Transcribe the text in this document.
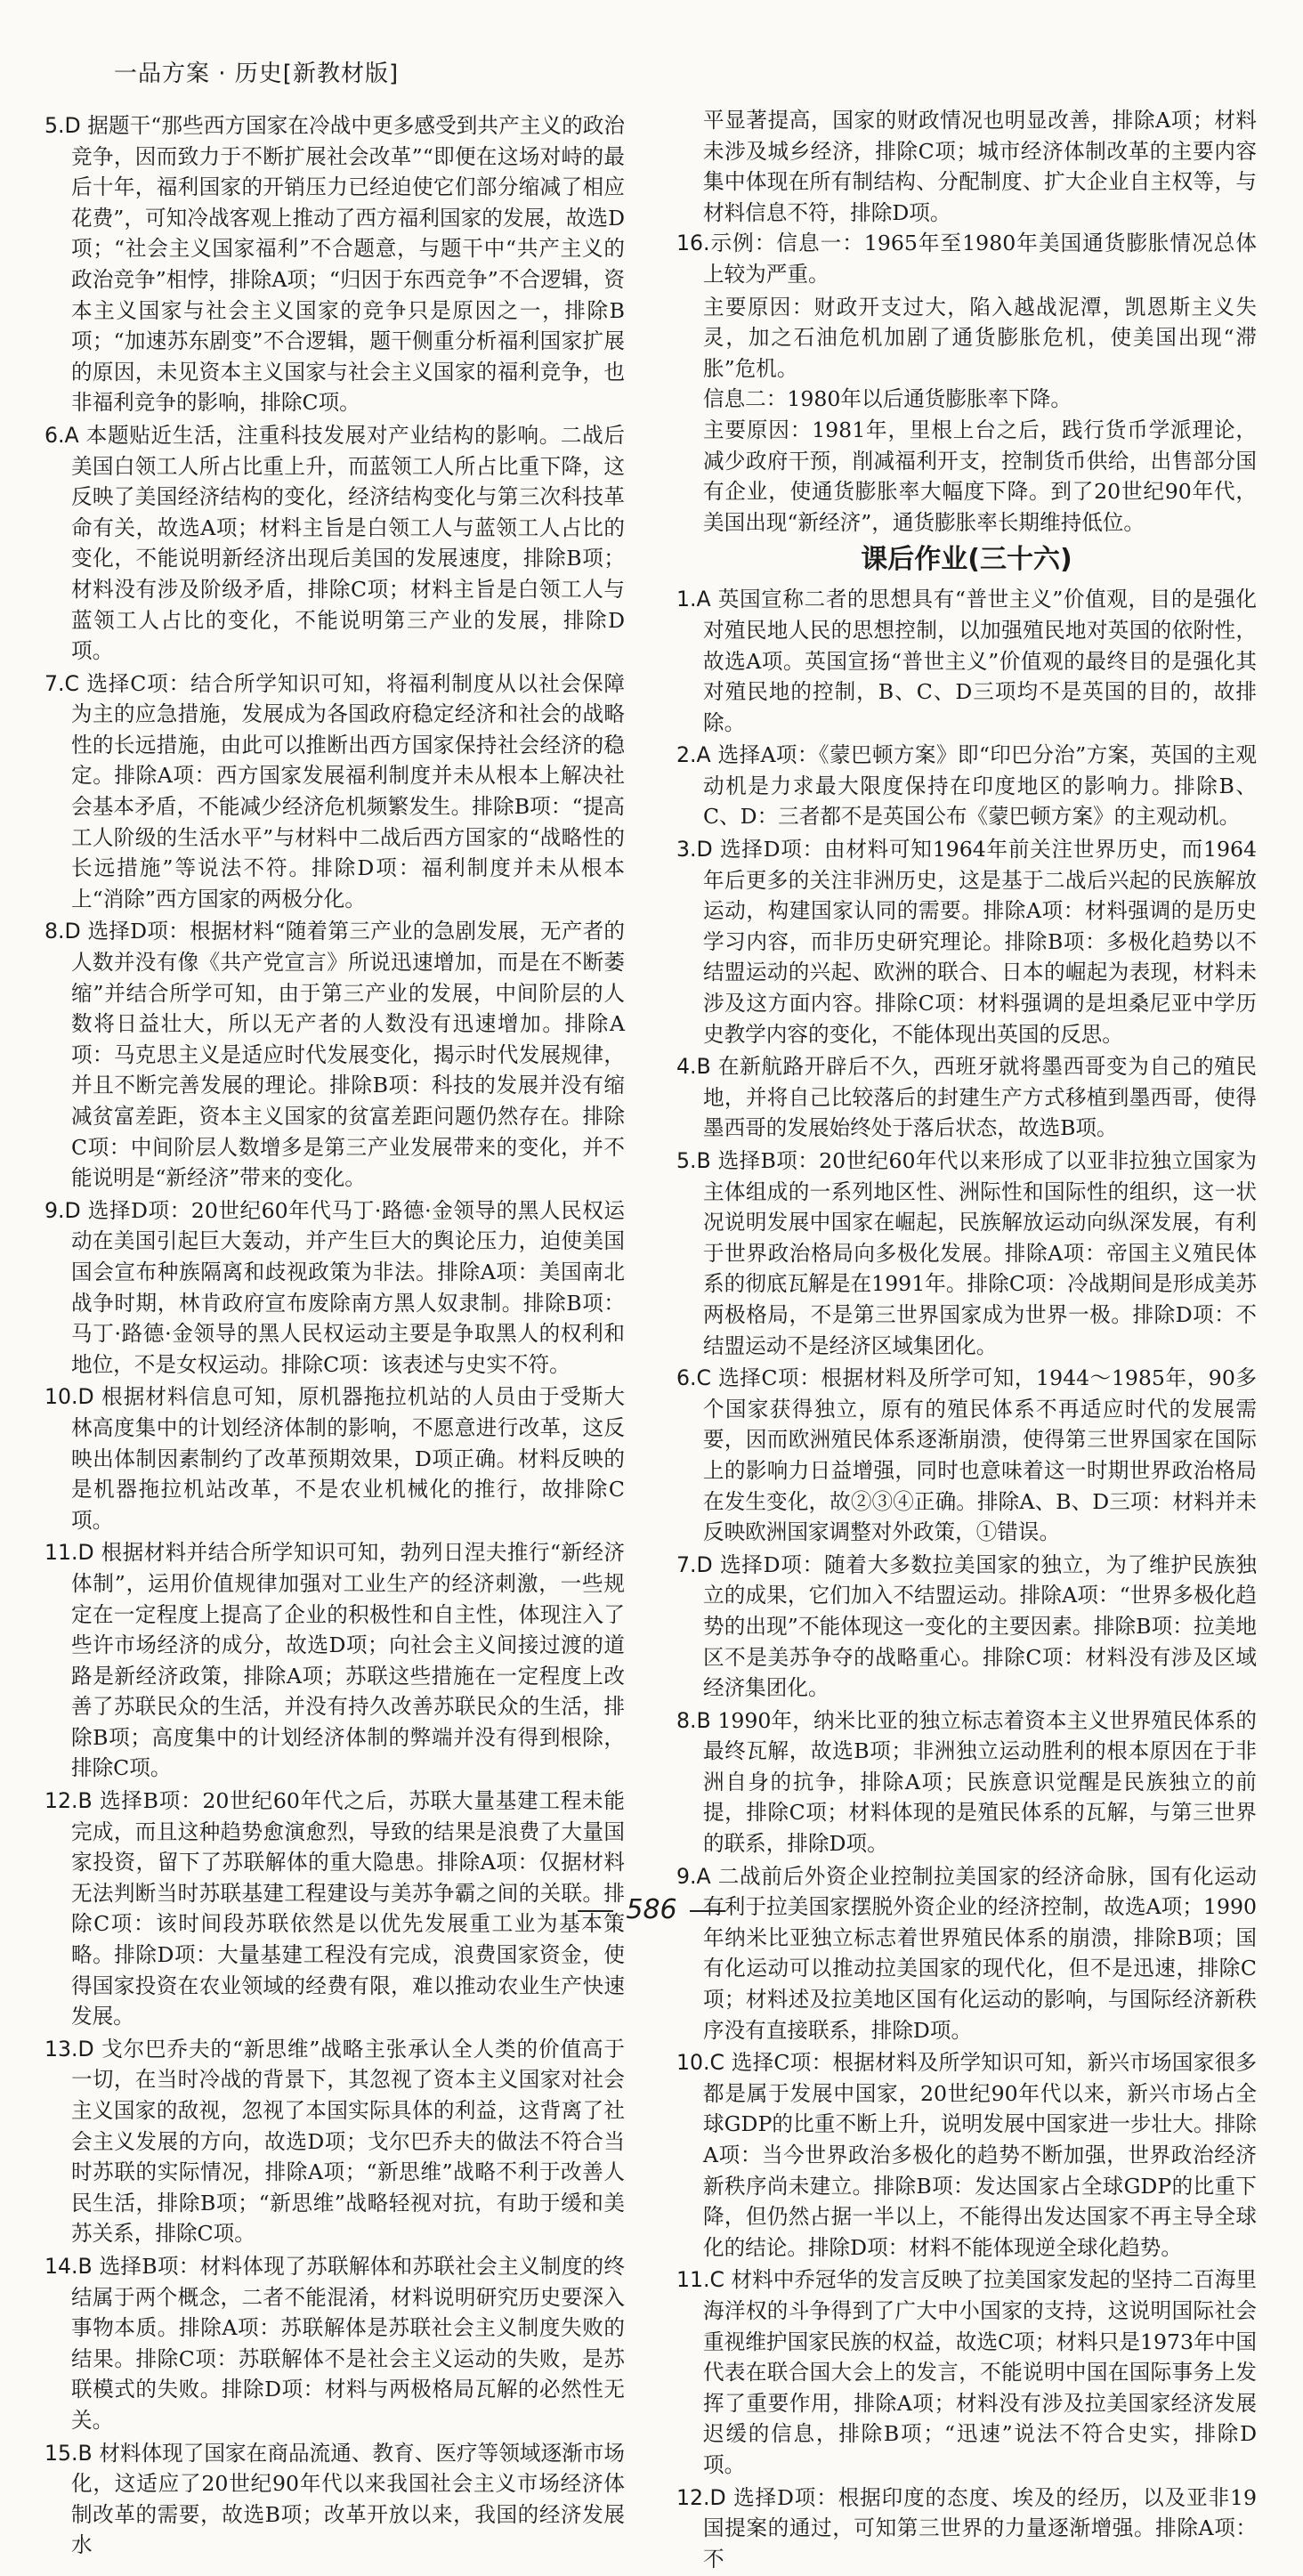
一品方案 · 历史[新教材版]

5.D 据题干“那些西方国家在冷战中更多感受到共产主义的政治竞争，因而致力于不断扩展社会改革”“即便在这场对峙的最后十年，福利国家的开销压力已经迫使它们部分缩减了相应花费”，可知冷战客观上推动了西方福利国家的发展，故选D项；“社会主义国家福利”不合题意，与题干中“共产主义的政治竞争”相悖，排除A项；“归因于东西竞争”不合逻辑，资本主义国家与社会主义国家的竞争只是原因之一，排除B项；“加速苏东剧变”不合逻辑，题干侧重分析福利国家扩展的原因，未见资本主义国家与社会主义国家的福利竞争，也非福利竞争的影响，排除C项。

6.A 本题贴近生活，注重科技发展对产业结构的影响。二战后美国白领工人所占比重上升，而蓝领工人所占比重下降，这反映了美国经济结构的变化，经济结构变化与第三次科技革命有关，故选A项；材料主旨是白领工人与蓝领工人占比的变化，不能说明新经济出现后美国的发展速度，排除B项；材料没有涉及阶级矛盾，排除C项；材料主旨是白领工人与蓝领工人占比的变化，不能说明第三产业的发展，排除D项。

7.C 选择C项：结合所学知识可知，将福利制度从以社会保障为主的应急措施，发展成为各国政府稳定经济和社会的战略性的长远措施，由此可以推断出西方国家保持社会经济的稳定。排除A项：西方国家发展福利制度并未从根本上解决社会基本矛盾，不能减少经济危机频繁发生。排除B项：“提高工人阶级的生活水平”与材料中二战后西方国家的“战略性的长远措施”等说法不符。排除D项：福利制度并未从根本上“消除”西方国家的两极分化。

8.D 选择D项：根据材料“随着第三产业的急剧发展，无产者的人数并没有像《共产党宣言》所说迅速增加，而是在不断萎缩”并结合所学可知，由于第三产业的发展，中间阶层的人数将日益壮大，所以无产者的人数没有迅速增加。排除A项：马克思主义是适应时代发展变化，揭示时代发展规律，并且不断完善发展的理论。排除B项：科技的发展并没有缩减贫富差距，资本主义国家的贫富差距问题仍然存在。排除C项：中间阶层人数增多是第三产业发展带来的变化，并不能说明是“新经济”带来的变化。

9.D 选择D项：20世纪60年代马丁·路德·金领导的黑人民权运动在美国引起巨大轰动，并产生巨大的舆论压力，迫使美国国会宣布种族隔离和歧视政策为非法。排除A项：美国南北战争时期，林肯政府宣布废除南方黑人奴隶制。排除B项：马丁·路德·金领导的黑人民权运动主要是争取黑人的权利和地位，不是女权运动。排除C项：该表述与史实不符。

10.D 根据材料信息可知，原机器拖拉机站的人员由于受斯大林高度集中的计划经济体制的影响，不愿意进行改革，这反映出体制因素制约了改革预期效果，D项正确。材料反映的是机器拖拉机站改革，不是农业机械化的推行，故排除C项。

11.D 根据材料并结合所学知识可知，勃列日涅夫推行“新经济体制”，运用价值规律加强对工业生产的经济刺激，一些规定在一定程度上提高了企业的积极性和自主性，体现注入了些许市场经济的成分，故选D项；向社会主义间接过渡的道路是新经济政策，排除A项；苏联这些措施在一定程度上改善了苏联民众的生活，并没有持久改善苏联民众的生活，排除B项；高度集中的计划经济体制的弊端并没有得到根除，排除C项。

12.B 选择B项：20世纪60年代之后，苏联大量基建工程未能完成，而且这种趋势愈演愈烈，导致的结果是浪费了大量国家投资，留下了苏联解体的重大隐患。排除A项：仅据材料无法判断当时苏联基建工程建设与美苏争霸之间的关联。排除C项：该时间段苏联依然是以优先发展重工业为基本策略。排除D项：大量基建工程没有完成，浪费国家资金，使得国家投资在农业领域的经费有限，难以推动农业生产快速发展。

13.D 戈尔巴乔夫的“新思维”战略主张承认全人类的价值高于一切，在当时冷战的背景下，其忽视了资本主义国家对社会主义国家的敌视，忽视了本国实际具体的利益，这背离了社会主义发展的方向，故选D项；戈尔巴乔夫的做法不符合当时苏联的实际情况，排除A项；“新思维”战略不利于改善人民生活，排除B项；“新思维”战略轻视对抗，有助于缓和美苏关系，排除C项。

14.B 选择B项：材料体现了苏联解体和苏联社会主义制度的终结属于两个概念，二者不能混淆，材料说明研究历史要深入事物本质。排除A项：苏联解体是苏联社会主义制度失败的结果。排除C项：苏联解体不是社会主义运动的失败，是苏联模式的失败。排除D项：材料与两极格局瓦解的必然性无关。

15.B 材料体现了国家在商品流通、教育、医疗等领域逐渐市场化，这适应了20世纪90年代以来我国社会主义市场经济体制改革的需要，故选B项；改革开放以来，我国的经济发展水

平显著提高，国家的财政情况也明显改善，排除A项；材料未涉及城乡经济，排除C项；城市经济体制改革的主要内容集中体现在所有制结构、分配制度、扩大企业自主权等，与材料信息不符，排除D项。

16.示例：信息一：1965年至1980年美国通货膨胀情况总体上较为严重。

主要原因：财政开支过大，陷入越战泥潭，凯恩斯主义失灵，加之石油危机加剧了通货膨胀危机，使美国出现“滞胀”危机。

信息二：1980年以后通货膨胀率下降。

主要原因：1981年，里根上台之后，践行货币学派理论，减少政府干预，削减福利开支，控制货币供给，出售部分国有企业，使通货膨胀率大幅度下降。到了20世纪90年代，美国出现“新经济”，通货膨胀率长期维持低位。

课后作业(三十六)

1.A 英国宣称二者的思想具有“普世主义”价值观，目的是强化对殖民地人民的思想控制，以加强殖民地对英国的依附性，故选A项。英国宣扬“普世主义”价值观的最终目的是强化其对殖民地的控制，B、C、D三项均不是英国的目的，故排除。

2.A 选择A项：《蒙巴顿方案》即“印巴分治”方案，英国的主观动机是力求最大限度保持在印度地区的影响力。排除B、C、D：三者都不是英国公布《蒙巴顿方案》的主观动机。

3.D 选择D项：由材料可知1964年前关注世界历史，而1964年后更多的关注非洲历史，这是基于二战后兴起的民族解放运动，构建国家认同的需要。排除A项：材料强调的是历史学习内容，而非历史研究理论。排除B项：多极化趋势以不结盟运动的兴起、欧洲的联合、日本的崛起为表现，材料未涉及这方面内容。排除C项：材料强调的是坦桑尼亚中学历史教学内容的变化，不能体现出英国的反思。

4.B 在新航路开辟后不久，西班牙就将墨西哥变为自己的殖民地，并将自己比较落后的封建生产方式移植到墨西哥，使得墨西哥的发展始终处于落后状态，故选B项。

5.B 选择B项：20世纪60年代以来形成了以亚非拉独立国家为主体组成的一系列地区性、洲际性和国际性的组织，这一状况说明发展中国家在崛起，民族解放运动向纵深发展，有利于世界政治格局向多极化发展。排除A项：帝国主义殖民体系的彻底瓦解是在1991年。排除C项：冷战期间是形成美苏两极格局，不是第三世界国家成为世界一极。排除D项：不结盟运动不是经济区域集团化。

6.C 选择C项：根据材料及所学可知，1944～1985年，90多个国家获得独立，原有的殖民体系不再适应时代的发展需要，因而欧洲殖民体系逐渐崩溃，使得第三世界国家在国际上的影响力日益增强，同时也意味着这一时期世界政治格局在发生变化，故②③④正确。排除A、B、D三项：材料并未反映欧洲国家调整对外政策，①错误。

7.D 选择D项：随着大多数拉美国家的独立，为了维护民族独立的成果，它们加入不结盟运动。排除A项：“世界多极化趋势的出现”不能体现这一变化的主要因素。排除B项：拉美地区不是美苏争夺的战略重心。排除C项：材料没有涉及区域经济集团化。

8.B 1990年，纳米比亚的独立标志着资本主义世界殖民体系的最终瓦解，故选B项；非洲独立运动胜利的根本原因在于非洲自身的抗争，排除A项；民族意识觉醒是民族独立的前提，排除C项；材料体现的是殖民体系的瓦解，与第三世界的联系，排除D项。

9.A 二战前后外资企业控制拉美国家的经济命脉，国有化运动有利于拉美国家摆脱外资企业的经济控制，故选A项；1990年纳米比亚独立标志着世界殖民体系的崩溃，排除B项；国有化运动可以推动拉美国家的现代化，但不是迅速，排除C项；材料述及拉美地区国有化运动的影响，与国际经济新秩序没有直接联系，排除D项。

10.C 选择C项：根据材料及所学知识可知，新兴市场国家很多都是属于发展中国家，20世纪90年代以来，新兴市场占全球GDP的比重不断上升，说明发展中国家进一步壮大。排除A项：当今世界政治多极化的趋势不断加强，世界政治经济新秩序尚未建立。排除B项：发达国家占全球GDP的比重下降，但仍然占据一半以上，不能得出发达国家不再主导全球化的结论。排除D项：材料不能体现逆全球化趋势。

11.C 材料中乔冠华的发言反映了拉美国家发起的坚持二百海里海洋权的斗争得到了广大中小国家的支持，这说明国际社会重视维护国家民族的权益，故选C项；材料只是1973年中国代表在联合国大会上的发言，不能说明中国在国际事务上发挥了重要作用，排除A项；材料没有涉及拉美国家经济发展迟缓的信息，排除B项；“迅速”说法不符合史实，排除D项。

12.D 选择D项：根据印度的态度、埃及的经历，以及亚非19国提案的通过，可知第三世界的力量逐渐增强。排除A项：不

586
